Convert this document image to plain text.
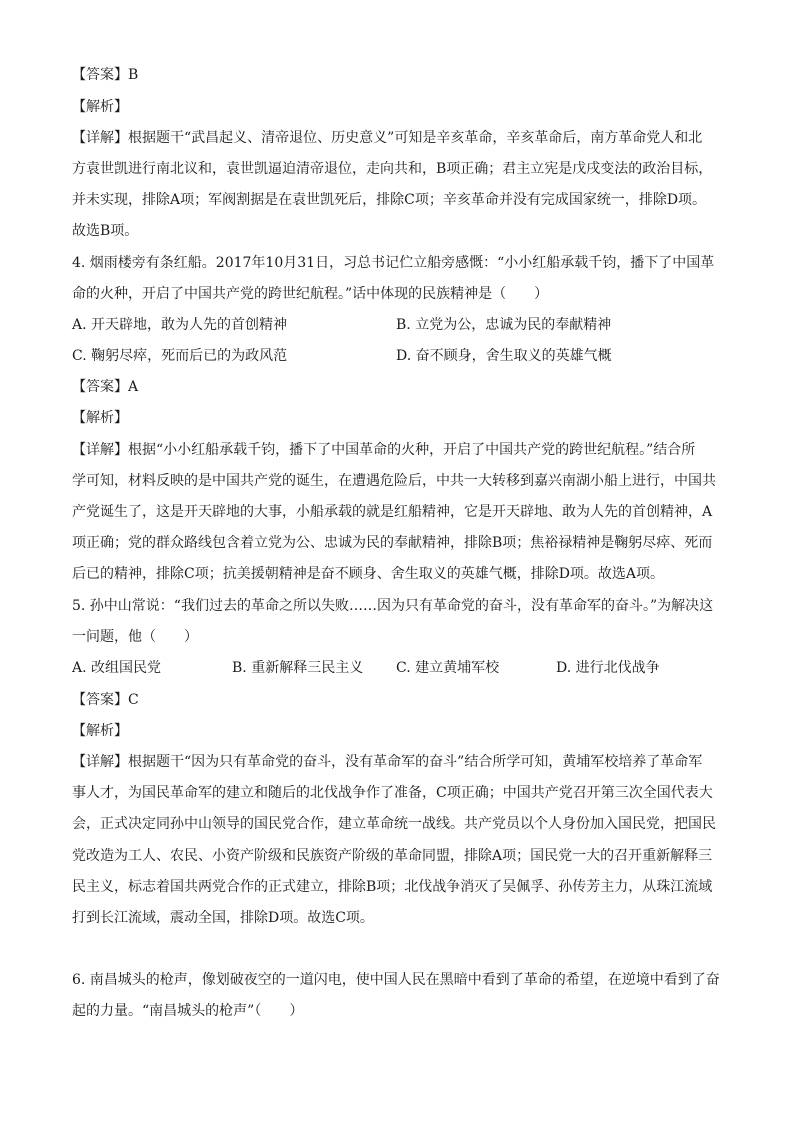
【答案】B
【解析】
【详解】根据题干“武昌起义、清帝退位、历史意义”可知是辛亥革命，辛亥革命后，南方革命党人和北
方袁世凯进行南北议和，袁世凯逼迫清帝退位，走向共和，B项正确；君主立宪是戊戌变法的政治目标，
并未实现，排除A项；军阀割据是在袁世凯死后，排除C项；辛亥革命并没有完成国家统一，排除D项。
故选B项。
4. 烟雨楼旁有条红船。2017年10月31日，习总书记伫立船旁感慨：“小小红船承载千钧，播下了中国革
命的火种，开启了中国共产党的跨世纪航程。”话中体现的民族精神是（　　）
A. 开天辟地，敢为人先的首创精神	B. 立党为公，忠诚为民的奉献精神
C. 鞠躬尽瘁，死而后已的为政风范	D. 奋不顾身，舍生取义的英雄气概
【答案】A
【解析】
【详解】根据“小小红船承载千钧，播下了中国革命的火种，开启了中国共产党的跨世纪航程。”结合所
学可知，材料反映的是中国共产党的诞生，在遭遇危险后，中共一大转移到嘉兴南湖小船上进行，中国共
产党诞生了，这是开天辟地的大事，小船承载的就是红船精神，它是开天辟地、敢为人先的首创精神，A
项正确；党的群众路线包含着立党为公、忠诚为民的奉献精神，排除B项；焦裕禄精神是鞠躬尽瘁、死而
后已的精神，排除C项；抗美援朝精神是奋不顾身、舍生取义的英雄气概，排除D项。故选A项。
5. 孙中山常说：“我们过去的革命之所以失败……因为只有革命党的奋斗，没有革命军的奋斗。”为解决这
一问题，他（　　）
A. 改组国民党	B. 重新解释三民主义 C. 建立黄埔军校	D. 进行北伐战争
【答案】C
【解析】
【详解】根据题干“因为只有革命党的奋斗，没有革命军的奋斗”结合所学可知，黄埔军校培养了革命军
事人才，为国民革命军的建立和随后的北伐战争作了准备，C项正确；中国共产党召开第三次全国代表大
会，正式决定同孙中山领导的国民党合作，建立革命统一战线。共产党员以个人身份加入国民党，把国民
党改造为工人、农民、小资产阶级和民族资产阶级的革命同盟，排除A项；国民党一大的召开重新解释三
民主义，标志着国共两党合作的正式建立，排除B项；北伐战争消灭了吴佩孚、孙传芳主力，从珠江流域
打到长江流域，震动全国，排除D项。故选C项。
6. 南昌城头的枪声，像划破夜空的一道闪电，使中国人民在黑暗中看到了革命的希望，在逆境中看到了奋
起的力量。“南昌城头的枪声”（　　）
